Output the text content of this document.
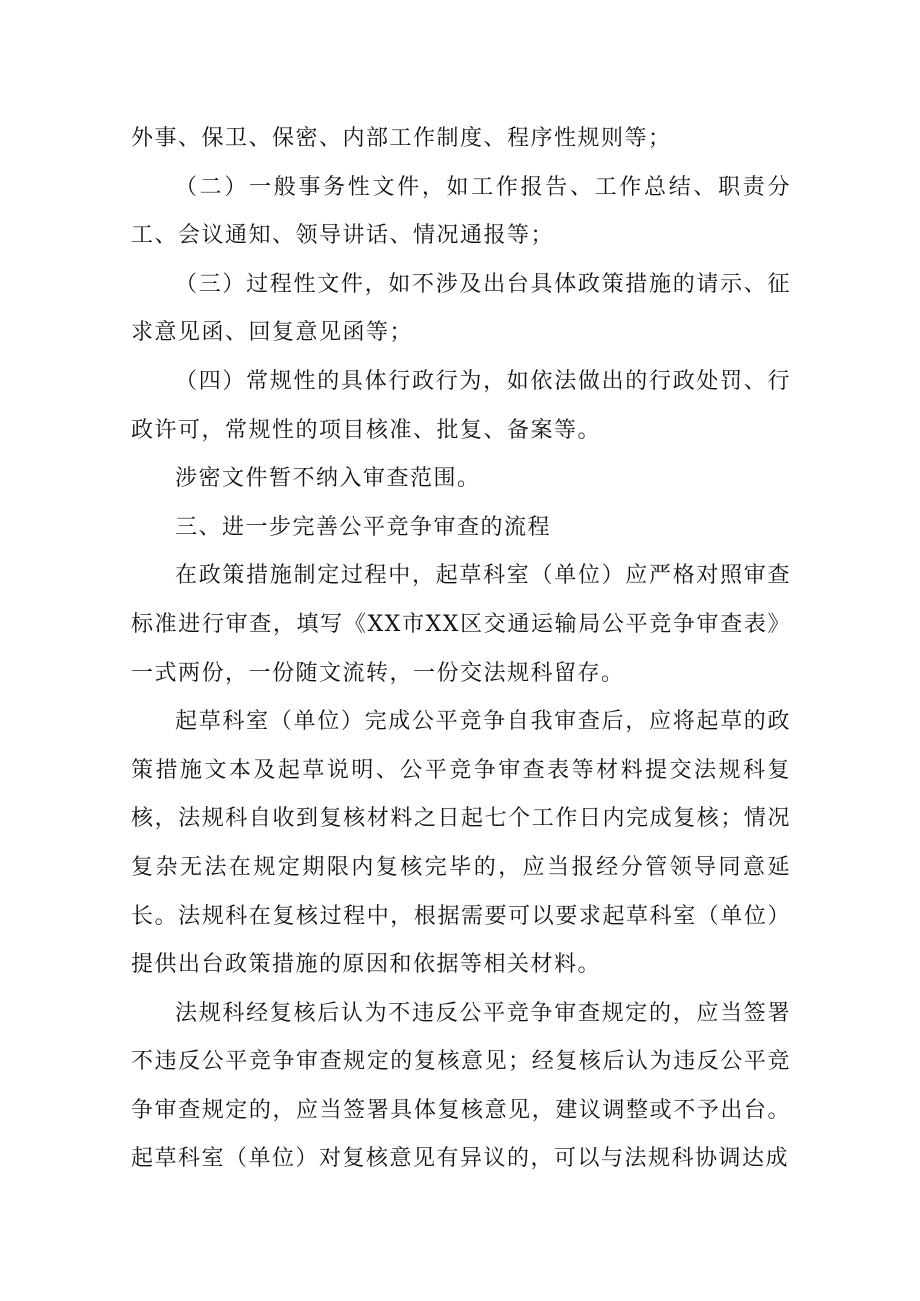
外事、保卫、保密、内部工作制度、程序性规则等；

（二）一般事务性文件，如工作报告、工作总结、职责分工、会议通知、领导讲话、情况通报等；

（三）过程性文件，如不涉及出台具体政策措施的请示、征求意见函、回复意见函等；

（四）常规性的具体行政行为，如依法做出的行政处罚、行政许可，常规性的项目核准、批复、备案等。

涉密文件暂不纳入审查范围。

三、进一步完善公平竞争审查的流程

在政策措施制定过程中，起草科室（单位）应严格对照审查标准进行审查，填写《XX市XX区交通运输局公平竞争审查表》一式两份，一份随文流转，一份交法规科留存。

起草科室（单位）完成公平竞争自我审查后，应将起草的政策措施文本及起草说明、公平竞争审查表等材料提交法规科复核，法规科自收到复核材料之日起七个工作日内完成复核；情况复杂无法在规定期限内复核完毕的，应当报经分管领导同意延长。法规科在复核过程中，根据需要可以要求起草科室（单位）提供出台政策措施的原因和依据等相关材料。

法规科经复核后认为不违反公平竞争审查规定的，应当签署不违反公平竞争审查规定的复核意见；经复核后认为违反公平竞争审查规定的，应当签署具体复核意见，建议调整或不予出台。起草科室（单位）对复核意见有异议的，可以与法规科协调达成
